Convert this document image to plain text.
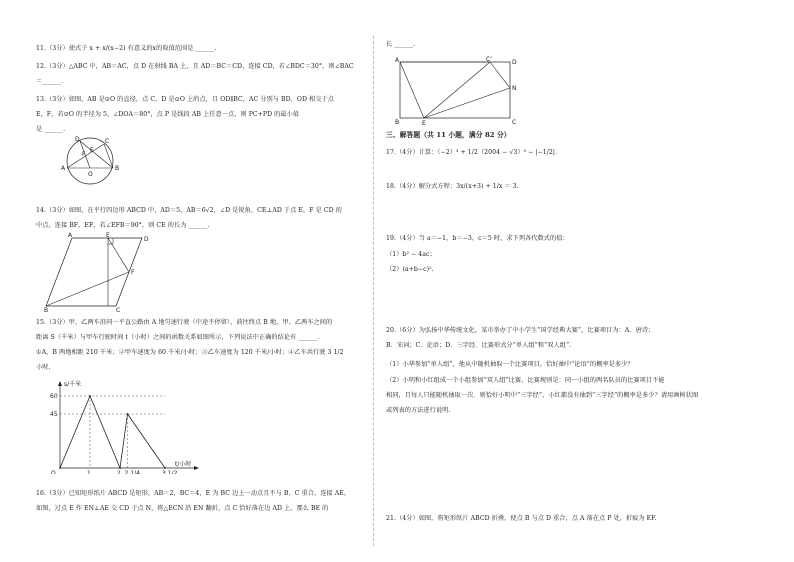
11.（3分）使式子 x + x/(x−2) 有意义的x的取值范围是 ______.
12.（3分）△ABC 中，AB＝AC，点 D 在射线 BA 上，且 AD＝BC＝CD，连接 CD，若∠BDC＝30°，则∠BAC
＝______.
13.（3分）如图，AB 是⊙O 的直径，点 C、D 是⊙O 上的点，且 OD∥BC，AC 分别与 BD、OD 相交于点
E，F，若⊙O 的半径为 5，∠DOA＝80°，点 P 是线段 AB 上任意一点，则 PC+PD 的最小值
是 ______.
A	B
O
C
D
E
F
14.（3分）如图，在平行四边形 ABCD 中，AD＝5，AB＝6√2，∠D 是锐角，CE⊥AD 于点 E，F 是 CD 的
中点，连接 BF、EF，若∠EFB＝90°，则 CE 的长为 ______.
A	E
D
F
B	C
15.（3分）甲、乙两车沿同一平直公路由 A 地匀速行驶（中途不停留），前往终点 B 地，甲、乙两车之间的
距离 S（千米）与甲车行驶时间 t（小时）之间的函数关系如图所示，下列说法中正确的结论有 ______.
①A、B 两地相距 210 千米；②甲车速度为 60 千米/小时；③乙车速度为 120 千米/小时；④乙车共行驶 3 1/2
小时.
s/千米
t/小时
60
45
O	1	2 2 1/4	3 1/2
16.（3分）已知矩形纸片 ABCD 是矩形，AB＝2，BC＝4，E 为 BC 边上一动点且不与 B、C 重合，连接 AE，
如图，过点 E 作 EN⊥AE 交 CD 于点 N，将△ECN 沿 EN 翻折，点 C 恰好落在边 AD 上，那么 BE 的
长 ______.
A	C'	D
N
B	E	C
三、解答题（共 11 小题，满分 82 分）
17.（4分）计算：（−2）³ + 1/2（2004 − √3）⁰ − |−1/2|.
18.（4分）解分式方程：3x/(x+3) + 1/x ＝ 3.
19.（4分）当 a＝−1，b＝−3，c＝5 时，求下列各代数式的值：
（1）b² − 4ac；
（2）(a+b−c)².
20.（6分）为弘扬中华传统文化，某市举办了中小学生“国学经典大赛”，比赛项目为：A．唐诗；
B．宋词；C．论语；D．三字经．比赛形式分“单人组”和“双人组”.
（1）小华参加“单人组”，他从中随机抽取一个比赛项目，恰好抽中“论语”的概率是多少？
（2）小明和小红组成一个小组参加“双人组”比赛，比赛规则是：同一小组的两名队员的比赛项目不能
相同，且每人只能随机抽取一次．则恰好小明中“三字经”、小红都没有抽到“三字经”的概率是多少？请用画树状图
或列表的方法进行说明.
21.（4分）如图，将矩形纸片 ABCD 折叠，使点 B 与点 D 重合，点 A 落在点 P 处，折痕为 EF.
